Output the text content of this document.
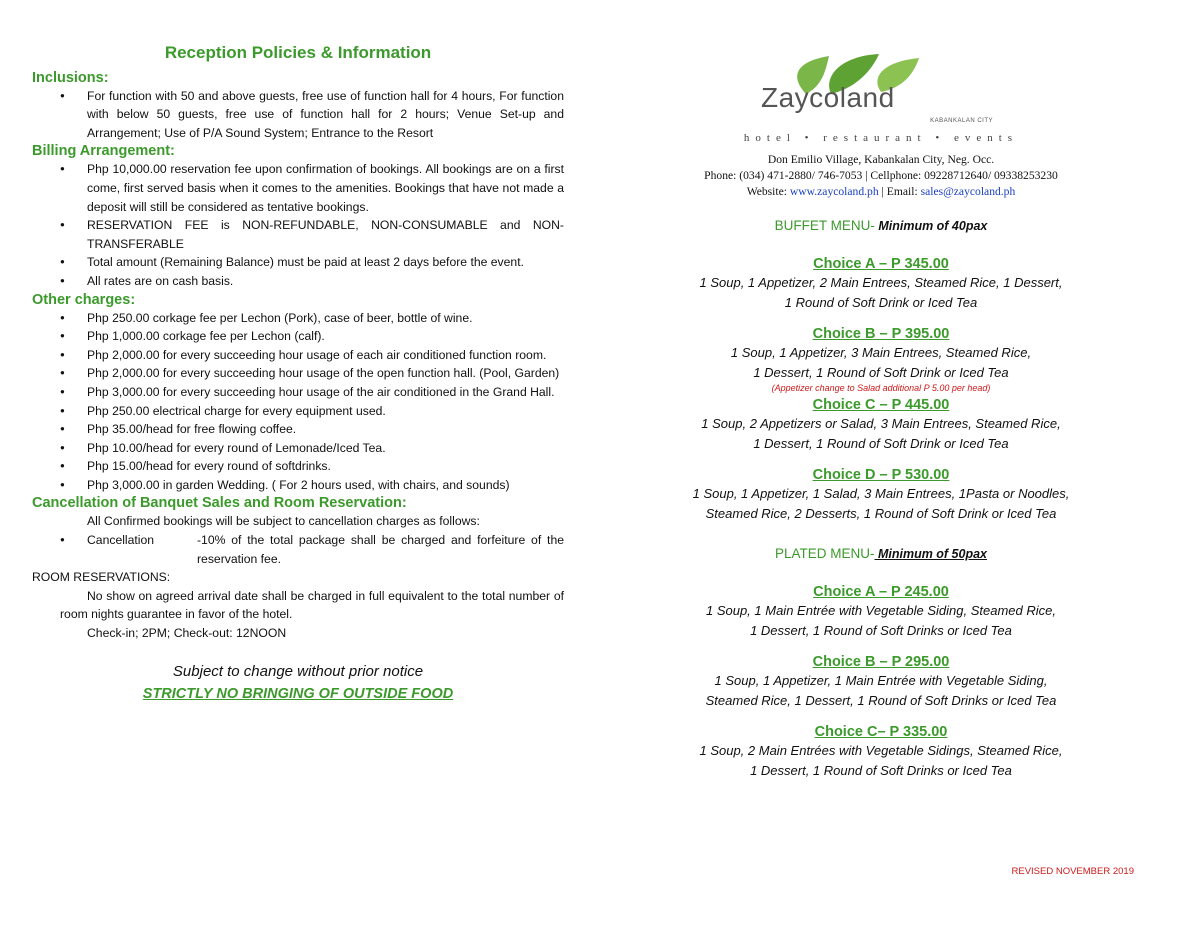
Reception Policies & Information
Inclusions:
● For function with 50 and above guests, free use of function hall for 4 hours, For function with below 50 guests, free use of function hall for 2 hours; Venue Set-up and Arrangement; Use of P/A Sound System; Entrance to the Resort
Billing Arrangement:
● Php 10,000.00 reservation fee upon confirmation of bookings. All bookings are on a first come, first served basis when it comes to the amenities. Bookings that have not made a deposit will still be considered as tentative bookings.
● RESERVATION FEE is NON-REFUNDABLE, NON-CONSUMABLE and NON-TRANSFERABLE
● Total amount (Remaining Balance) must be paid at least 2 days before the event.
● All rates are on cash basis.
Other charges:
● Php 250.00 corkage fee per Lechon (Pork), case of beer, bottle of wine.
● Php 1,000.00 corkage fee per Lechon (calf).
● Php 2,000.00 for every succeeding hour usage of each air conditioned function room.
● Php 2,000.00 for every succeeding hour usage of the open function hall. (Pool, Garden)
● Php 3,000.00 for every succeeding hour usage of the air conditioned in the Grand Hall.
● Php 250.00 electrical charge for every equipment used.
● Php 35.00/head for free flowing coffee.
● Php 10.00/head for every round of Lemonade/Iced Tea.
● Php 15.00/head for every round of softdrinks.
● Php 3,000.00 in garden Wedding. ( For 2 hours used, with chairs, and sounds)
Cancellation of Banquet Sales and Room Reservation:
All Confirmed bookings will be subject to cancellation charges as follows:
● Cancellation	-10% of the total package shall be charged and forfeiture of the reservation fee.
ROOM RESERVATIONS:
No show on agreed arrival date shall be charged in full equivalent to the total number of room nights guarantee in favor of the hotel.
Check-in; 2PM; Check-out: 12NOON
Subject to change without prior notice
STRICTLY NO BRINGING OF OUTSIDE FOOD
Zaycoland
KABANKALAN CITY
hotel • restaurant • events
Don Emilio Village, Kabankalan City, Neg. Occ.
Phone: (034) 471-2880/ 746-7053 | Cellphone: 09228712640/ 09338253230
Website: www.zaycoland.ph | Email: sales@zaycoland.ph
BUFFET MENU- Minimum of 40pax
Choice A – P 345.00
1 Soup, 1 Appetizer, 2 Main Entrees, Steamed Rice, 1 Dessert,
1 Round of Soft Drink or Iced Tea
Choice B – P 395.00
1 Soup, 1 Appetizer, 3 Main Entrees, Steamed Rice,
1 Dessert, 1 Round of Soft Drink or Iced Tea
(Appetizer change to Salad additional P 5.00 per head)
Choice C – P 445.00
1 Soup, 2 Appetizers or Salad, 3 Main Entrees, Steamed Rice,
1 Dessert, 1 Round of Soft Drink or Iced Tea
Choice D – P 530.00
1 Soup, 1 Appetizer, 1 Salad, 3 Main Entrees, 1Pasta or Noodles,
Steamed Rice, 2 Desserts, 1 Round of Soft Drink or Iced Tea
PLATED MENU- Minimum of 50pax
Choice A – P 245.00
1 Soup, 1 Main Entrée with Vegetable Siding, Steamed Rice,
1 Dessert, 1 Round of Soft Drinks or Iced Tea
Choice B – P 295.00
1 Soup, 1 Appetizer, 1 Main Entrée with Vegetable Siding,
Steamed Rice, 1 Dessert, 1 Round of Soft Drinks or Iced Tea
Choice C– P 335.00
1 Soup, 2 Main Entrées with Vegetable Sidings, Steamed Rice,
1 Dessert, 1 Round of Soft Drinks or Iced Tea
REVISED NOVEMBER 2019
